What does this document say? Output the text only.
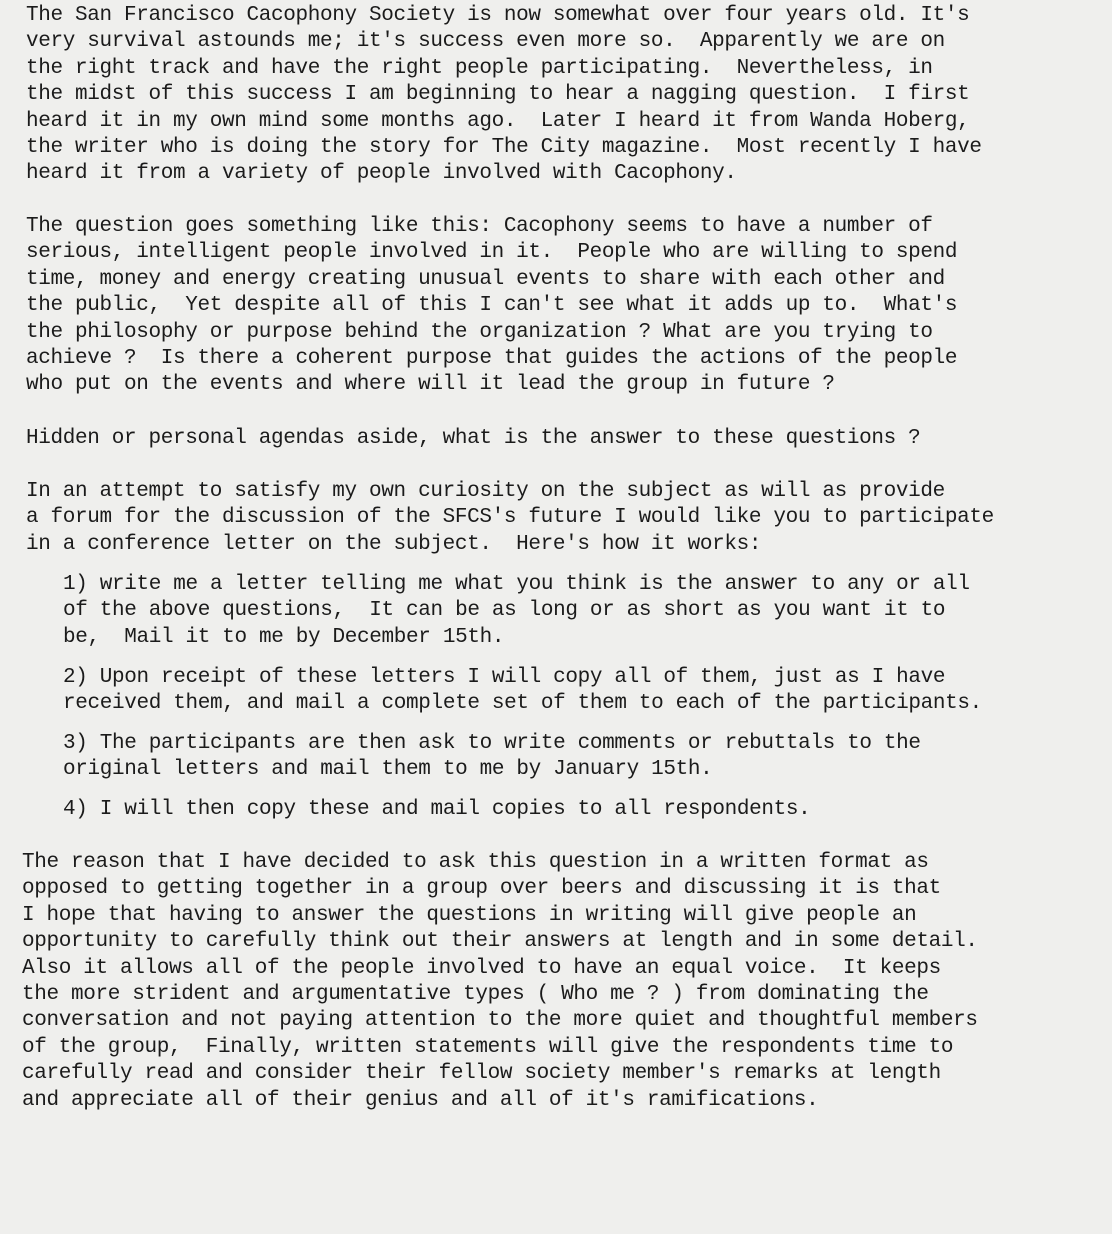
The San Francisco Cacophony Society is now somewhat over four years old. It's
very survival astounds me; it's success even more so.  Apparently we are on
the right track and have the right people participating.  Nevertheless, in
the midst of this success I am beginning to hear a nagging question.  I first
heard it in my own mind some months ago.  Later I heard it from Wanda Hoberg,
the writer who is doing the story for The City magazine.  Most recently I have
heard it from a variety of people involved with Cacophony.

The question goes something like this: Cacophony seems to have a number of
serious, intelligent people involved in it.  People who are willing to spend
time, money and energy creating unusual events to share with each other and
the public,  Yet despite all of this I can't see what it adds up to.  What's
the philosophy or purpose behind the organization ? What are you trying to
achieve ?  Is there a coherent purpose that guides the actions of the people
who put on the events and where will it lead the group in future ?

Hidden or personal agendas aside, what is the answer to these questions ?

In an attempt to satisfy my own curiosity on the subject as will as provide
a forum for the discussion of the SFCS's future I would like you to participate
in a conference letter on the subject.  Here's how it works:

1) write me a letter telling me what you think is the answer to any or all
of the above questions,  It can be as long or as short as you want it to
be,  Mail it to me by December 15th.

2) Upon receipt of these letters I will copy all of them, just as I have
received them, and mail a complete set of them to each of the participants.

3) The participants are then ask to write comments or rebuttals to the
original letters and mail them to me by January 15th.

4) I will then copy these and mail copies to all respondents.

The reason that I have decided to ask this question in a written format as
opposed to getting together in a group over beers and discussing it is that
I hope that having to answer the questions in writing will give people an
opportunity to carefully think out their answers at length and in some detail.
Also it allows all of the people involved to have an equal voice.  It keeps
the more strident and argumentative types ( Who me ? ) from dominating the
conversation and not paying attention to the more quiet and thoughtful members
of the group,  Finally, written statements will give the respondents time to
carefully read and consider their fellow society member's remarks at length
and appreciate all of their genius and all of it's ramifications.
